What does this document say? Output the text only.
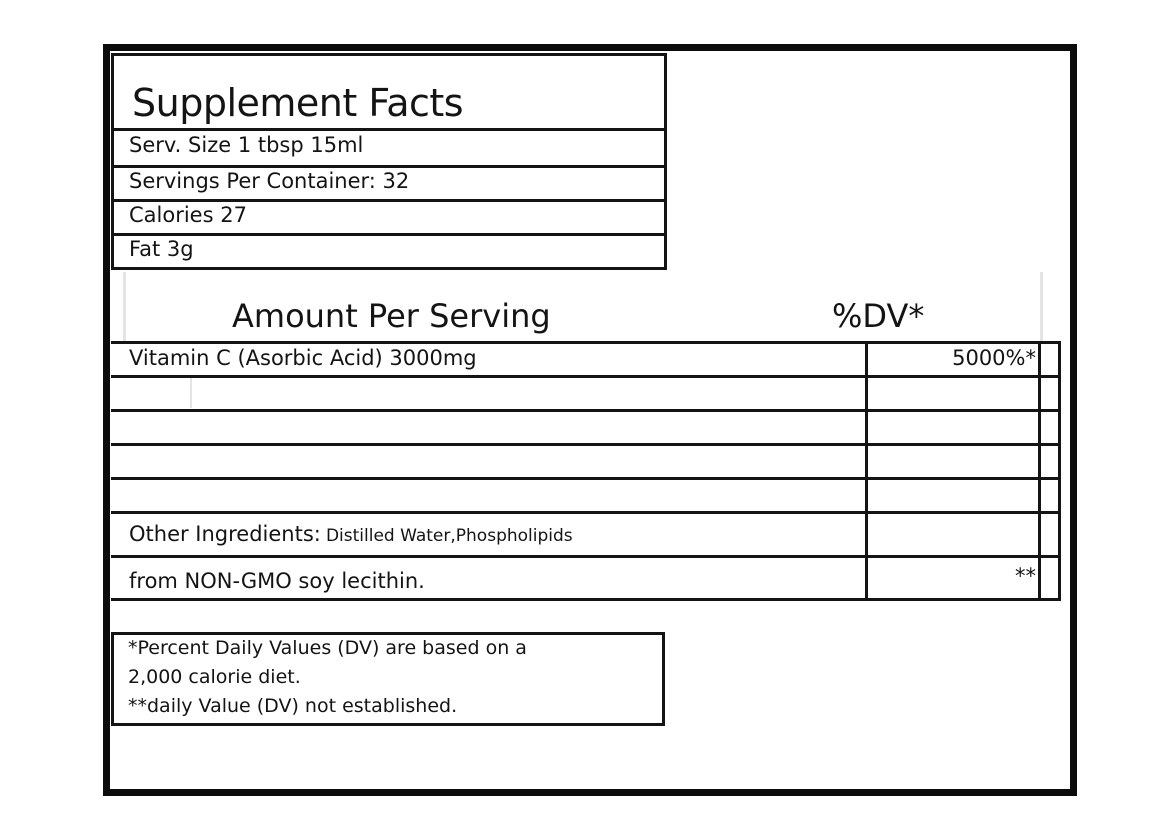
Supplement Facts
Serv. Size 1 tbsp 15ml
Servings Per Container: 32
Calories 27
Fat 3g
Amount Per Serving	%DV*
Vitamin C (Asorbic Acid) 3000mg	5000%*
Other Ingredients: Distilled Water,Phospholipids
from NON-GMO soy lecithin.	**
*Percent Daily Values (DV) are based on a
2,000 calorie diet.
**daily Value (DV) not established.
